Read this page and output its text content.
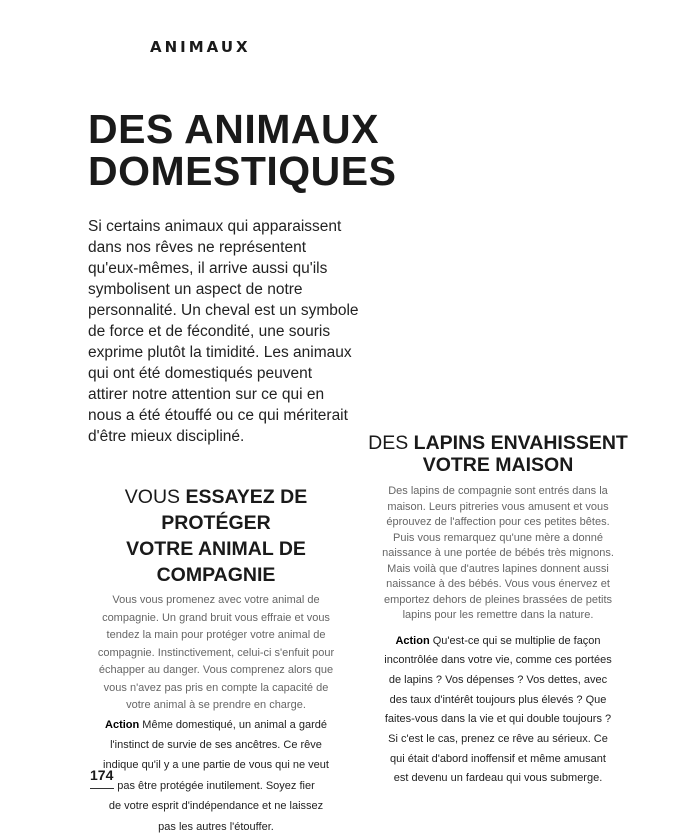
ANIMAUX
DES ANIMAUX
DOMESTIQUES
Si certains animaux qui apparaissent
dans nos rêves ne représentent
qu'eux-mêmes, il arrive aussi qu'ils
symbolisent un aspect de notre
personnalité. Un cheval est un symbole
de force et de fécondité, une souris
exprime plutôt la timidité. Les animaux
qui ont été domestiqués peuvent
attirer notre attention sur ce qui en
nous a été étouffé ou ce qui mériterait
d'être mieux discipliné.
VOUS ESSAYEZ DE PROTÉGER
VOTRE ANIMAL DE COMPAGNIE
Vous vous promenez avec votre animal de
compagnie. Un grand bruit vous effraie et vous
tendez la main pour protéger votre animal de
compagnie. Instinctivement, celui-ci s'enfuit pour
échapper au danger. Vous comprenez alors que
vous n'avez pas pris en compte la capacité de
votre animal à se prendre en charge.
Action Même domestiqué, un animal a gardé
l'instinct de survie de ses ancêtres. Ce rêve
indique qu'il y a une partie de vous qui ne veut
pas être protégée inutilement. Soyez fier
de votre esprit d'indépendance et ne laissez
pas les autres l'étouffer.
DES LAPINS ENVAHISSENT
VOTRE MAISON
Des lapins de compagnie sont entrés dans la
maison. Leurs pitreries vous amusent et vous
éprouvez de l'affection pour ces petites bêtes.
Puis vous remarquez qu'une mère a donné
naissance à une portée de bébés très mignons.
Mais voilà que d'autres lapines donnent aussi
naissance à des bébés. Vous vous énervez et
emportez dehors de pleines brassées de petits
lapins pour les remettre dans la nature.
Action Qu'est-ce qui se multiplie de façon
incontrôlée dans votre vie, comme ces portées
de lapins ? Vos dépenses ? Vos dettes, avec
des taux d'intérêt toujours plus élevés ? Que
faites-vous dans la vie et qui double toujours ?
Si c'est le cas, prenez ce rêve au sérieux. Ce
qui était d'abord inoffensif et même amusant
est devenu un fardeau qui vous submerge.
174
